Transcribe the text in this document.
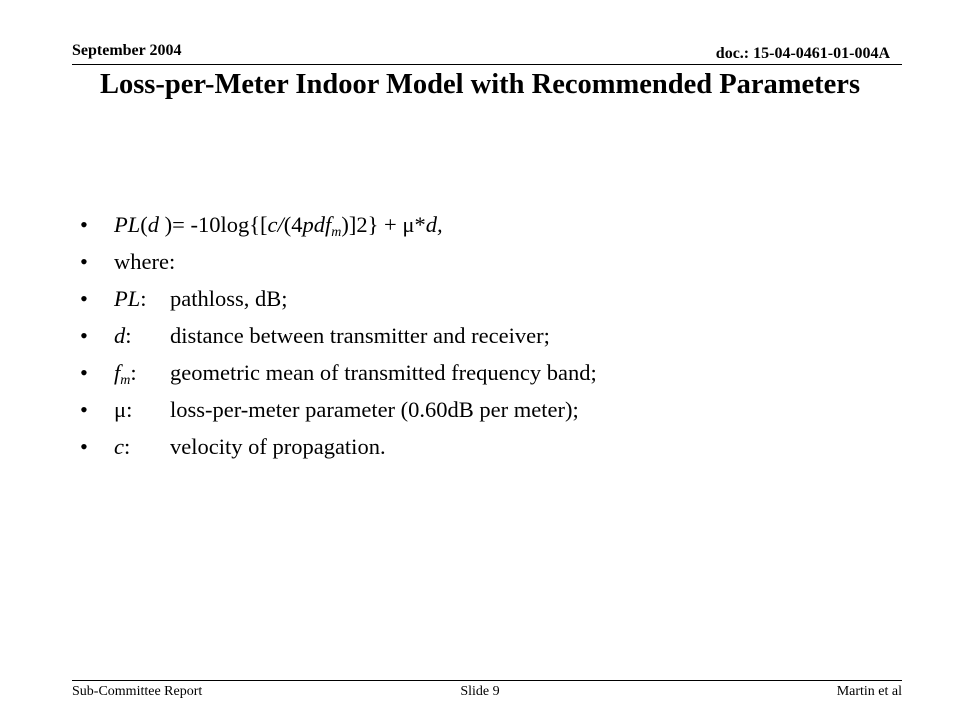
September 2004	doc.: 15-04-0461-01-004A
Loss-per-Meter Indoor Model with Recommended Parameters
•	PL(d )= -10log{[c/(4pdf$_m$)]2} + μ*d,
•	where:
•	PL:	pathloss, dB;
•	d:	distance between transmitter and receiver;
•	$f_m$:	geometric mean of transmitted frequency band;
•	μ:	loss-per-meter parameter (0.60dB per meter);
•	c:	velocity of propagation.
Sub-Committee Report	Slide 9	Martin et al
